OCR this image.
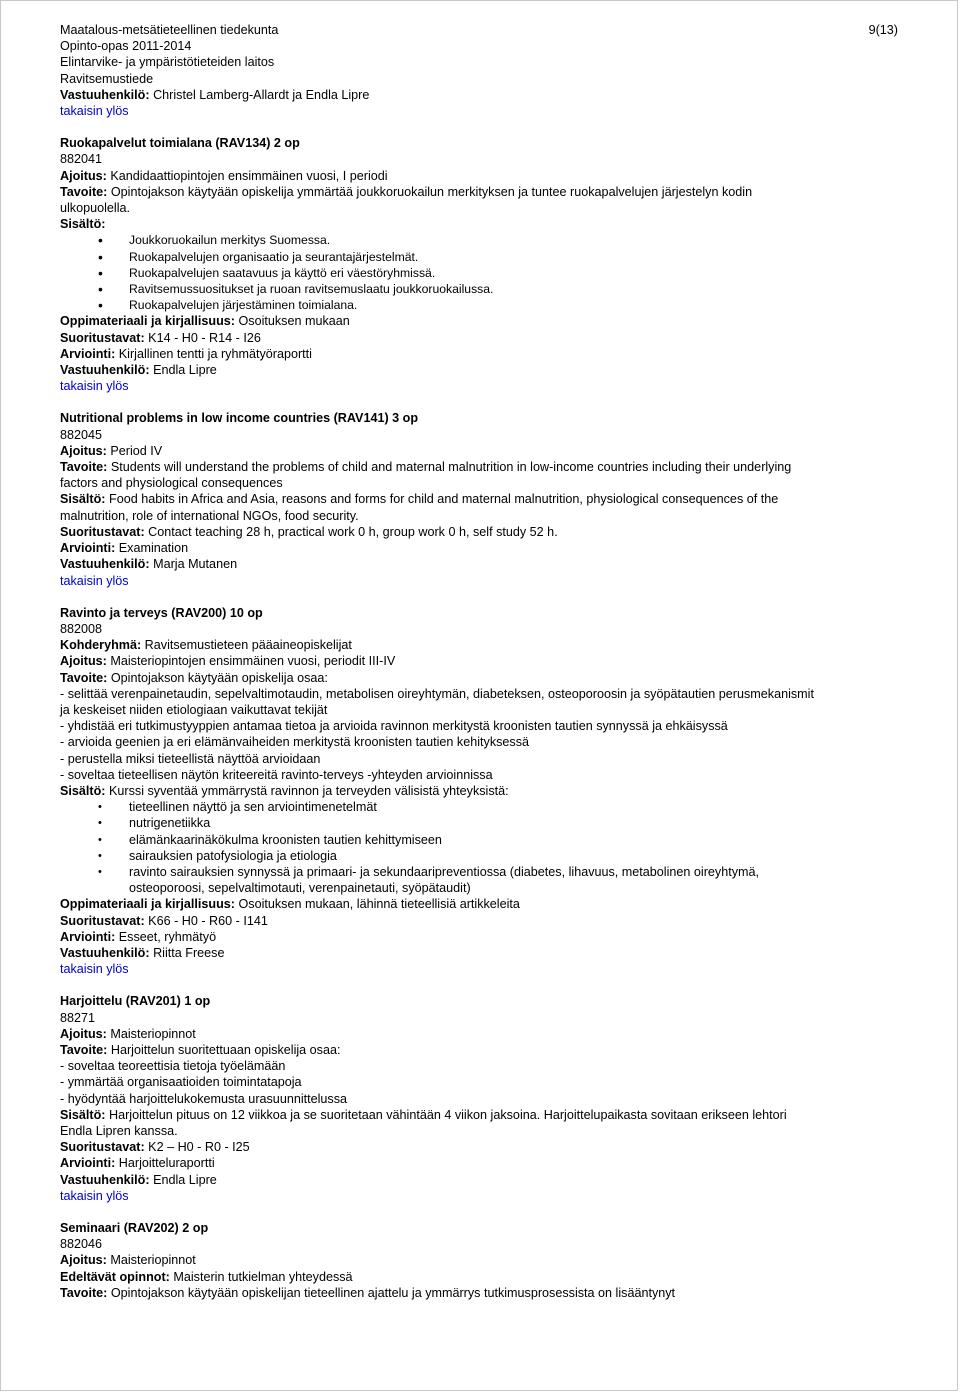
9(13)
Maatalous-metsätieteellinen tiedekunta
Opinto-opas 2011-2014
Elintarvike- ja ympäristötieteiden laitos
Ravitsemustiede
Vastuuhenkilö: Christel Lamberg-Allardt ja Endla Lipre
takaisin ylös
Ruokapalvelut toimialana (RAV134) 2 op
882041
Ajoitus: Kandidaattiopintojen ensimmäinen vuosi, I periodi
Tavoite: Opintojakson käytyään opiskelija ymmärtää joukkoruokailun merkityksen ja tuntee ruokapalvelujen järjestelyn kodin
ulkopuolella.
Sisältö:
• Joukkoruokailun merkitys Suomessa.
• Ruokapalvelujen organisaatio ja seurantajärjestelmät.
• Ruokapalvelujen saatavuus ja käyttö eri väestöryhmissä.
• Ravitsemussuositukset ja ruoan ravitsemuslaatu joukkoruokailussa.
• Ruokapalvelujen järjestäminen toimialana.
Oppimateriaali ja kirjallisuus: Osoituksen mukaan
Suoritustavat: K14 - H0 - R14 - I26
Arviointi: Kirjallinen tentti ja ryhmätyöraportti
Vastuuhenkilö: Endla Lipre
takaisin ylös
Nutritional problems in low income countries (RAV141) 3 op
882045
Ajoitus: Period IV
Tavoite: Students will understand the problems of child and maternal malnutrition in low-income countries including their underlying
factors and physiological consequences
Sisältö: Food habits in Africa and Asia, reasons and forms for child and maternal malnutrition, physiological consequences of the
malnutrition, role of international NGOs, food security.
Suoritustavat: Contact teaching 28 h, practical work 0 h, group work 0 h, self study 52 h.
Arviointi: Examination
Vastuuhenkilö: Marja Mutanen
takaisin ylös
Ravinto ja terveys (RAV200) 10 op
882008
Kohderyhmä: Ravitsemustieteen pääaineopiskelijat
Ajoitus: Maisteriopintojen ensimmäinen vuosi, periodit III-IV
Tavoite: Opintojakson käytyään opiskelija osaa:
- selittää verenpainetaudin, sepelvaltimotaudin, metabolisen oireyhtymän, diabeteksen, osteoporoosin ja syöpätautien perusmekanismit
ja keskeiset niiden etiologiaan vaikuttavat tekijät
- yhdistää eri tutkimustyyppien antamaa tietoa ja arvioida ravinnon merkitystä kroonisten tautien synnyssä ja ehkäisyssä
- arvioida geenien ja eri elämänvaiheiden merkitystä kroonisten tautien kehityksessä
- perustella miksi tieteellistä näyttöä arvioidaan
- soveltaa tieteellisen näytön kriteereitä ravinto-terveys -yhteyden arvioinnissa
Sisältö: Kurssi syventää ymmärrystä ravinnon ja terveyden välisistä yhteyksistä:
• tieteellinen näyttö ja sen arviointimenetelmät
• nutrigenetiikka
• elämänkaarinäkökulma kroonisten tautien kehittymiseen
• sairauksien patofysiologia ja etiologia
• ravinto sairauksien synnyssä ja primaari- ja sekundaaripreventiossa (diabetes, lihavuus, metabolinen oireyhtymä,
osteoporoosi, sepelvaltimotauti, verenpainetauti, syöpätaudit)
Oppimateriaali ja kirjallisuus: Osoituksen mukaan, lähinnä tieteellisiä artikkeleita
Suoritustavat: K66 - H0 - R60 - I141
Arviointi: Esseet, ryhmätyö
Vastuuhenkilö: Riitta Freese
takaisin ylös
Harjoittelu (RAV201) 1 op
88271
Ajoitus: Maisteriopinnot
Tavoite: Harjoittelun suoritettuaan opiskelija osaa:
- soveltaa teoreettisia tietoja työelämään
- ymmärtää organisaatioiden toimintatapoja
- hyödyntää harjoittelukokemusta urasuunnittelussa
Sisältö: Harjoittelun pituus on 12 viikkoa ja se suoritetaan vähintään 4 viikon jaksoina. Harjoittelupaikasta sovitaan erikseen lehtori
Endla Lipren kanssa.
Suoritustavat: K2 – H0 - R0 - I25
Arviointi: Harjoitteluraportti
Vastuuhenkilö: Endla Lipre
takaisin ylös
Seminaari (RAV202) 2 op
882046
Ajoitus: Maisteriopinnot
Edeltävät opinnot: Maisterin tutkielman yhteydessä
Tavoite: Opintojakson käytyään opiskelijan tieteellinen ajattelu ja ymmärrys tutkimusprosessista on lisääntynyt
